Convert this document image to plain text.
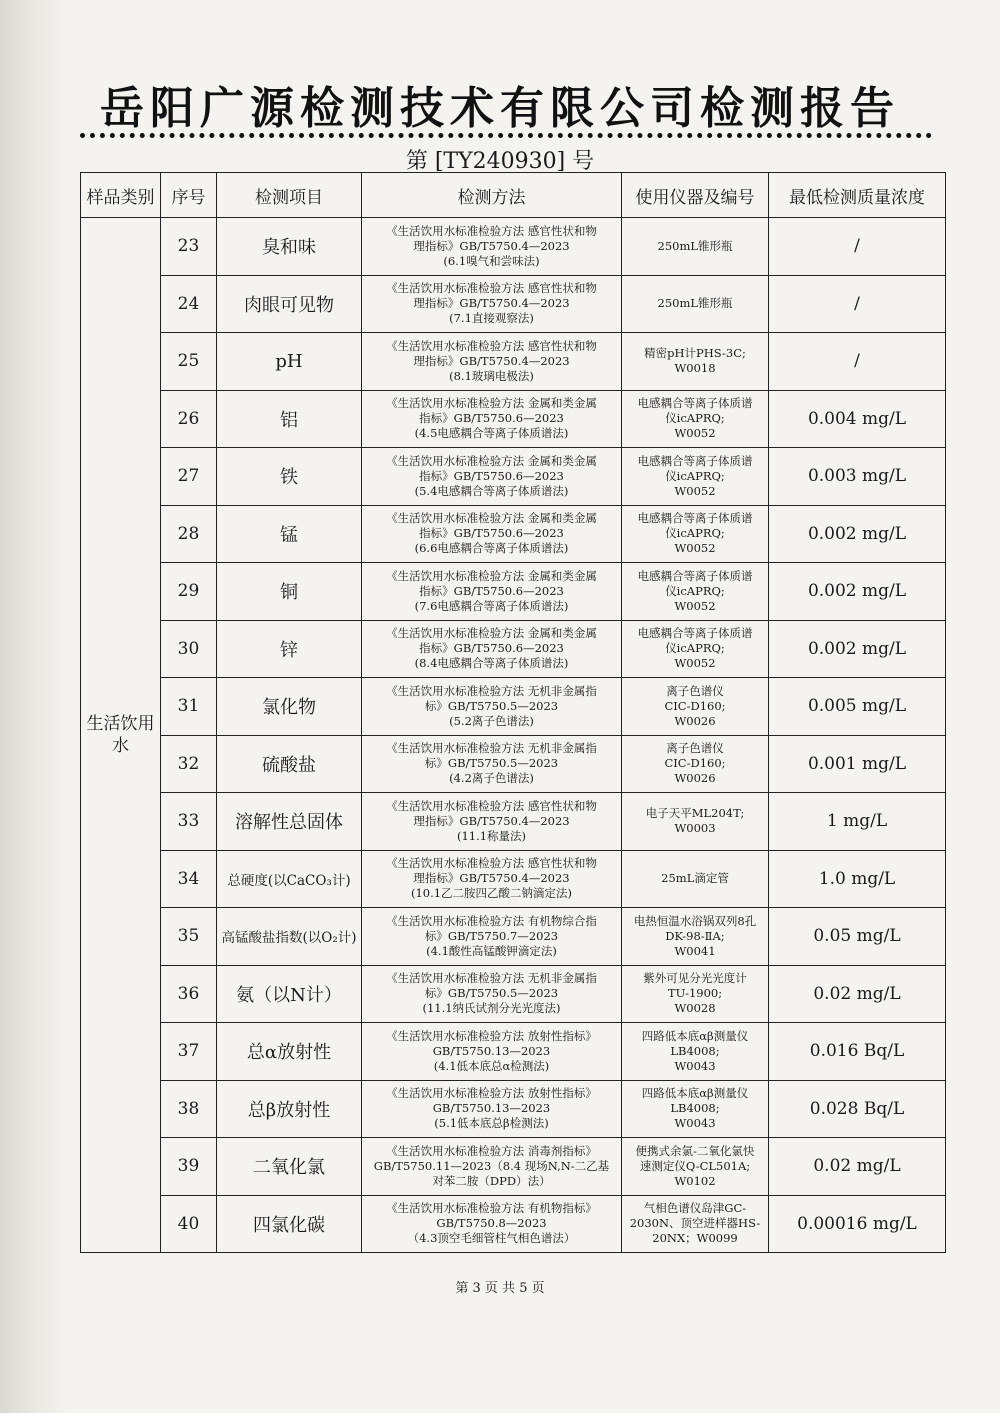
岳阳广源检测技术有限公司检测报告
第 [TY240930] 号
样品类别	序号	检测项目	检测方法	使用仪器及编号	最低检测质量浓度
生活饮用水	23	臭和味	《生活饮用水标准检验方法 感官性状和物
理指标》GB/T5750.4—2023
(6.1嗅气和尝味法)	250mL锥形瓶	/
	24	肉眼可见物	《生活饮用水标准检验方法 感官性状和物
理指标》GB/T5750.4—2023
(7.1直接观察法)	250mL锥形瓶	/
	25	pH	《生活饮用水标准检验方法 感官性状和物
理指标》GB/T5750.4—2023
(8.1玻璃电极法)	精密pH计PHS-3C;
W0018	/
	26	铝	《生活饮用水标准检验方法 金属和类金属
指标》GB/T5750.6—2023
(4.5电感耦合等离子体质谱法)	电感耦合等离子体质谱
仪icAPRQ;
W0052	0.004 mg/L
	27	铁	《生活饮用水标准检验方法 金属和类金属
指标》GB/T5750.6—2023
(5.4电感耦合等离子体质谱法)	电感耦合等离子体质谱
仪icAPRQ;
W0052	0.003 mg/L
	28	锰	《生活饮用水标准检验方法 金属和类金属
指标》GB/T5750.6—2023
(6.6电感耦合等离子体质谱法)	电感耦合等离子体质谱
仪icAPRQ;
W0052	0.002 mg/L
	29	铜	《生活饮用水标准检验方法 金属和类金属
指标》GB/T5750.6—2023
(7.6电感耦合等离子体质谱法)	电感耦合等离子体质谱
仪icAPRQ;
W0052	0.002 mg/L
	30	锌	《生活饮用水标准检验方法 金属和类金属
指标》GB/T5750.6—2023
(8.4电感耦合等离子体质谱法)	电感耦合等离子体质谱
仪icAPRQ;
W0052	0.002 mg/L
	31	氯化物	《生活饮用水标准检验方法 无机非金属指
标》GB/T5750.5—2023
(5.2离子色谱法)	离子色谱仪
CIC-D160;
W0026	0.005 mg/L
	32	硫酸盐	《生活饮用水标准检验方法 无机非金属指
标》GB/T5750.5—2023
(4.2离子色谱法)	离子色谱仪
CIC-D160;
W0026	0.001 mg/L
	33	溶解性总固体	《生活饮用水标准检验方法 感官性状和物
理指标》GB/T5750.4—2023
(11.1称量法)	电子天平ML204T;
W0003	1 mg/L
	34	总硬度(以CaCO₃计)	《生活饮用水标准检验方法 感官性状和物
理指标》GB/T5750.4—2023
(10.1乙二胺四乙酸二钠滴定法)	25mL滴定管	1.0 mg/L
	35	高锰酸盐指数(以O₂计)	《生活饮用水标准检验方法 有机物综合指
标》GB/T5750.7—2023
(4.1酸性高锰酸钾滴定法)	电热恒温水浴锅双列8孔
DK-98-ⅡA;
W0041	0.05 mg/L
	36	氨（以N计）	《生活饮用水标准检验方法 无机非金属指
标》GB/T5750.5—2023
(11.1纳氏试剂分光光度法)	紫外可见分光光度计
TU-1900;
W0028	0.02 mg/L
	37	总α放射性	《生活饮用水标准检验方法 放射性指标》
GB/T5750.13—2023
(4.1低本底总α检测法)	四路低本底αβ测量仪
LB4008;
W0043	0.016 Bq/L
	38	总β放射性	《生活饮用水标准检验方法 放射性指标》
GB/T5750.13—2023
(5.1低本底总β检测法)	四路低本底αβ测量仪
LB4008;
W0043	0.028 Bq/L
	39	二氧化氯	《生活饮用水标准检验方法 消毒剂指标》
GB/T5750.11—2023（8.4 现场N,N-二乙基
对苯二胺（DPD）法）	便携式余氯-二氧化氯快
速测定仪Q-CL501A;
W0102	0.02 mg/L
	40	四氯化碳	《生活饮用水标准检验方法 有机物指标》
GB/T5750.8—2023
（4.3顶空毛细管柱气相色谱法）	气相色谱仪岛津GC-
2030N、顶空进样器HS-
20NX；W0099	0.00016 mg/L
第 3 页 共 5 页
